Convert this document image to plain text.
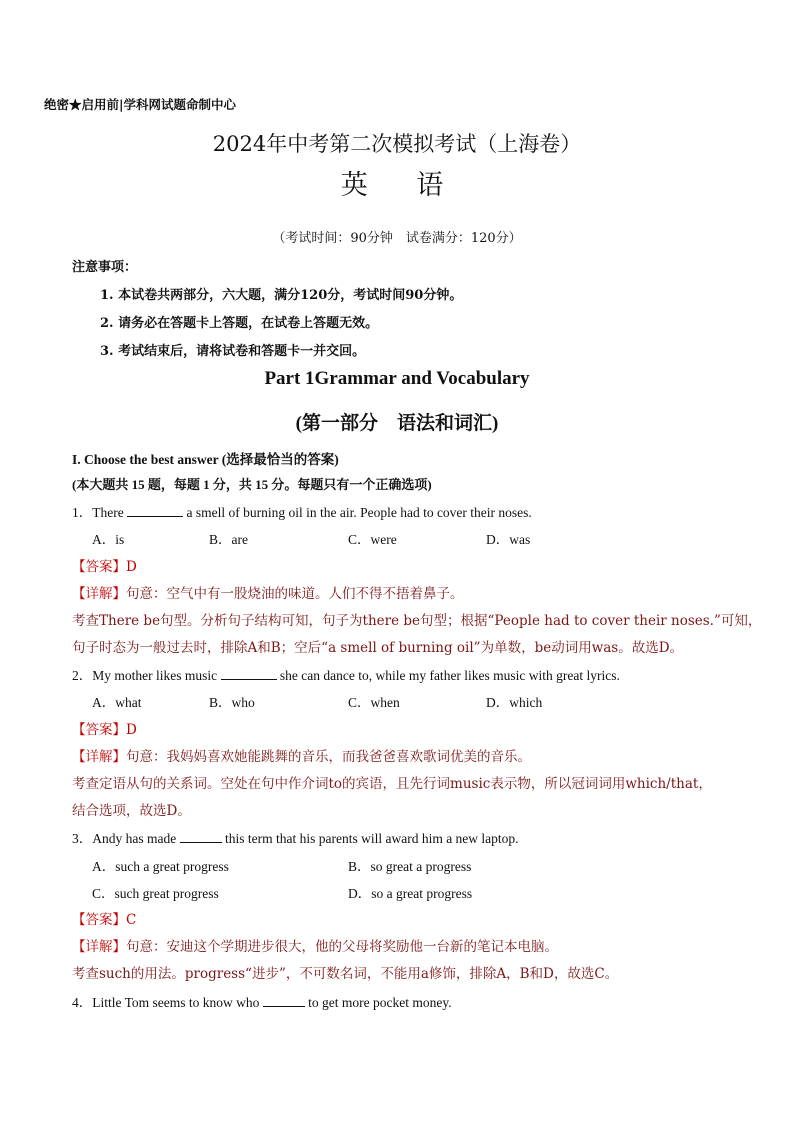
绝密★启用前|学科网试题命制中心
2024年中考第二次模拟考试（上海卷）
英 语
（考试时间：90分钟　试卷满分：120分）
注意事项：
1. 本试卷共两部分，六大题，满分120分，考试时间90分钟。
2. 请务必在答题卡上答题，在试卷上答题无效。
3. 考试结束后，请将试卷和答题卡一并交回。
Part 1Grammar and Vocabulary
(第一部分　语法和词汇)
I. Choose the best answer (选择最恰当的答案)
(本大题共 15 题，每题 1 分，共 15 分。每题只有一个正确选项)
1．There	a smell of burning oil in the air. People had to cover their noses.
A．is	B．are	C．were	D．was
【答案】D
【详解】句意：空气中有一股烧油的味道。人们不得不捂着鼻子。
考查There be句型。分析句子结构可知，句子为there be句型；根据“People had to cover their noses.”可知，
句子时态为一般过去时，排除A和B；空后“a smell of burning oil”为单数，be动词用was。故选D。
2．My mother likes music	she can dance to, while my father likes music with great lyrics.
A．what	B．who	C．when	D．which
【答案】D
【详解】句意：我妈妈喜欢她能跳舞的音乐，而我爸爸喜欢歌词优美的音乐。
考查定语从句的关系词。空处在句中作介词to的宾语，且先行词music表示物，所以冠词词用which/that，
结合选项，故选D。
3．Andy has made	this term that his parents will award him a new laptop.
A．such a great progress	B．so great a progress
C．such great progress	D．so a great progress
【答案】C
【详解】句意：安迪这个学期进步很大，他的父母将奖励他一台新的笔记本电脑。
考查such的用法。progress“进步”，不可数名词，不能用a修饰，排除A，B和D，故选C。
4．Little Tom seems to know who	to get more pocket money.
